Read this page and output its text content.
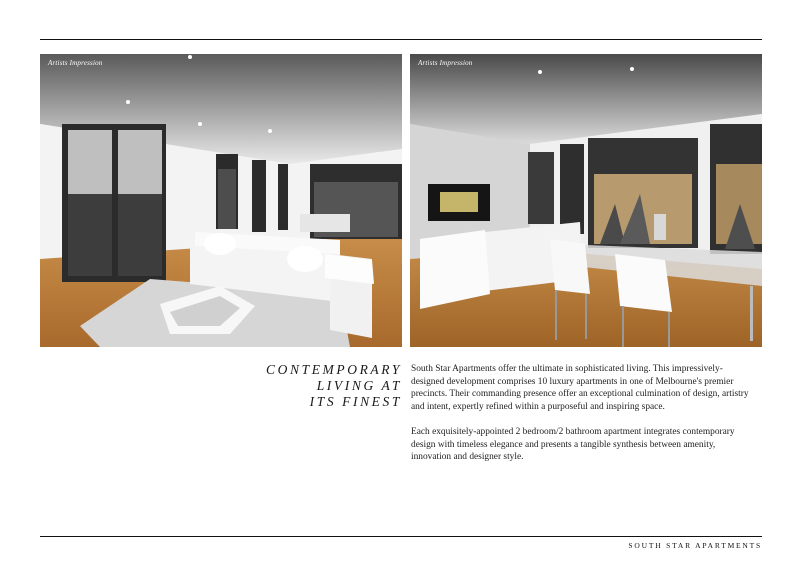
Artists Impression	Artists Impression
CONTEMPORARY
LIVING AT
ITS FINEST

South Star Apartments offer the ultimate in sophisticated living. This impressively-designed development comprises 10 luxury apartments in one of Melbourne's premier precincts. Their commanding presence offer an exceptional culmination of design, artistry and intent, expertly refined within a purposeful and inspiring space.

Each exquisitely-appointed 2 bedroom/2 bathroom apartment integrates contemporary design with timeless elegance and presents a tangible synthesis between amenity, innovation and designer style.

SOUTH STAR APARTMENTS
